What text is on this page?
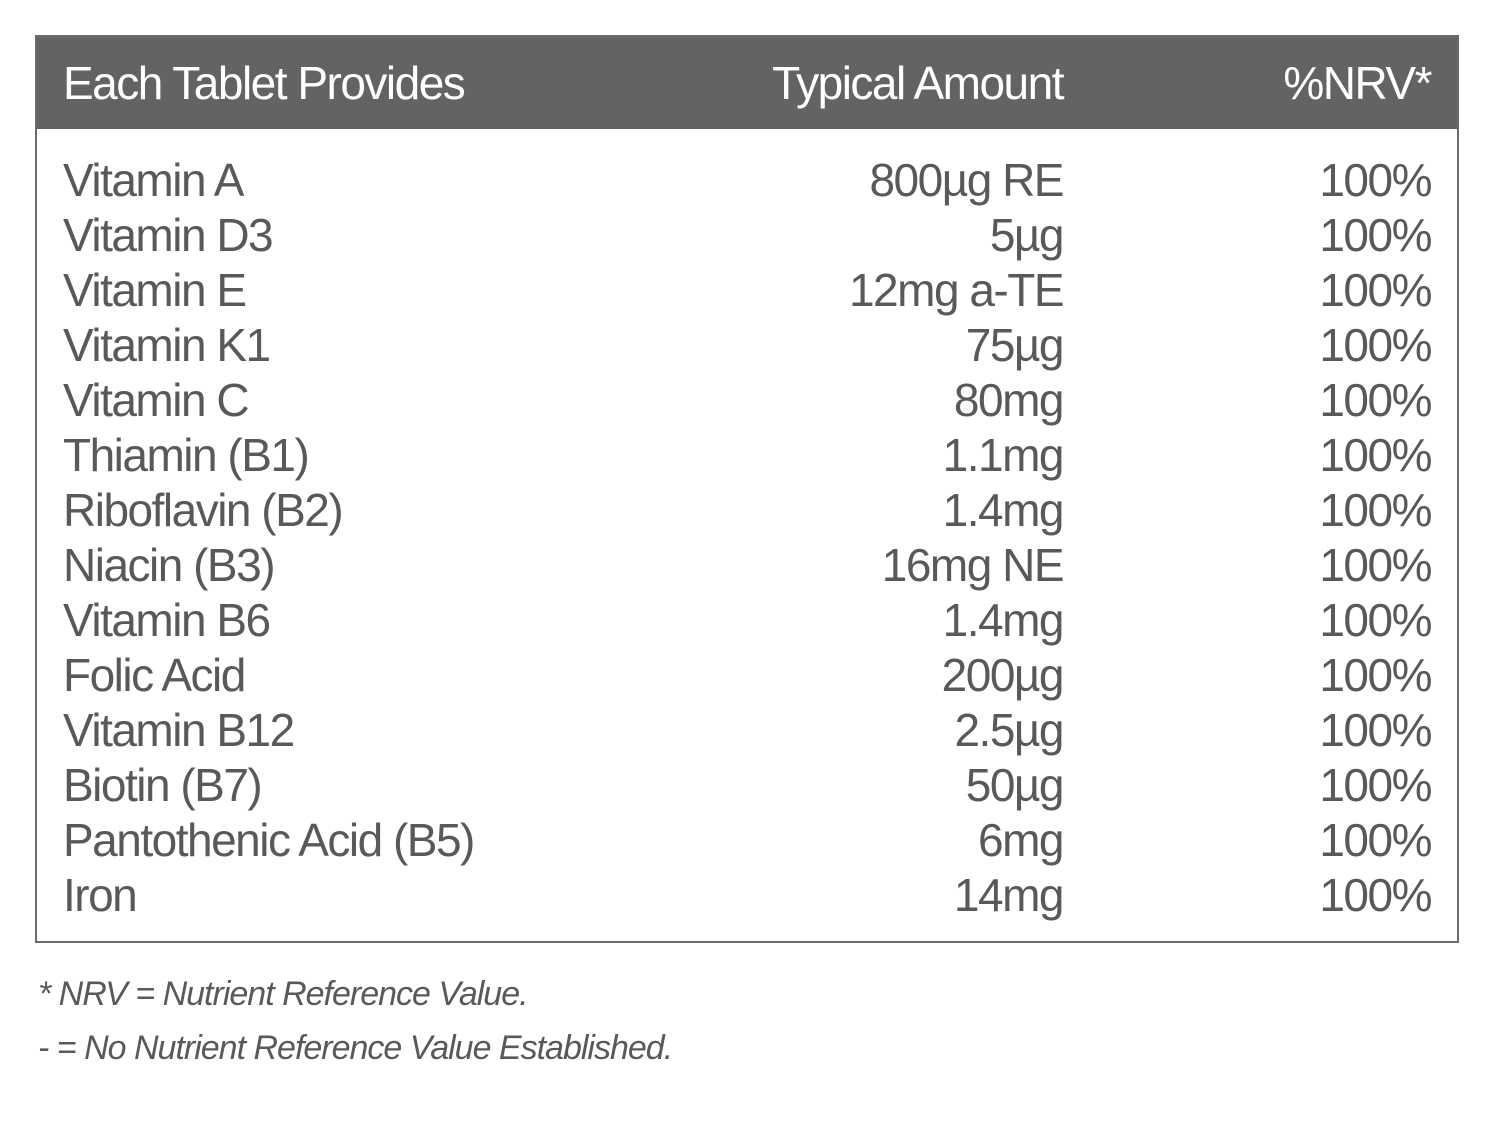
Each Tablet Provides	Typical Amount	%NRV*
Vitamin A	800µg RE	100%
Vitamin D3	5µg	100%
Vitamin E	12mg a-TE	100%
Vitamin K1	75µg	100%
Vitamin C	80mg	100%
Thiamin (B1)	1.1mg	100%
Riboflavin (B2)	1.4mg	100%
Niacin (B3)	16mg NE	100%
Vitamin B6	1.4mg	100%
Folic Acid	200µg	100%
Vitamin B12	2.5µg	100%
Biotin (B7)	50µg	100%
Pantothenic Acid (B5)	6mg	100%
Iron	14mg	100%
* NRV = Nutrient Reference Value.
- = No Nutrient Reference Value Established.
